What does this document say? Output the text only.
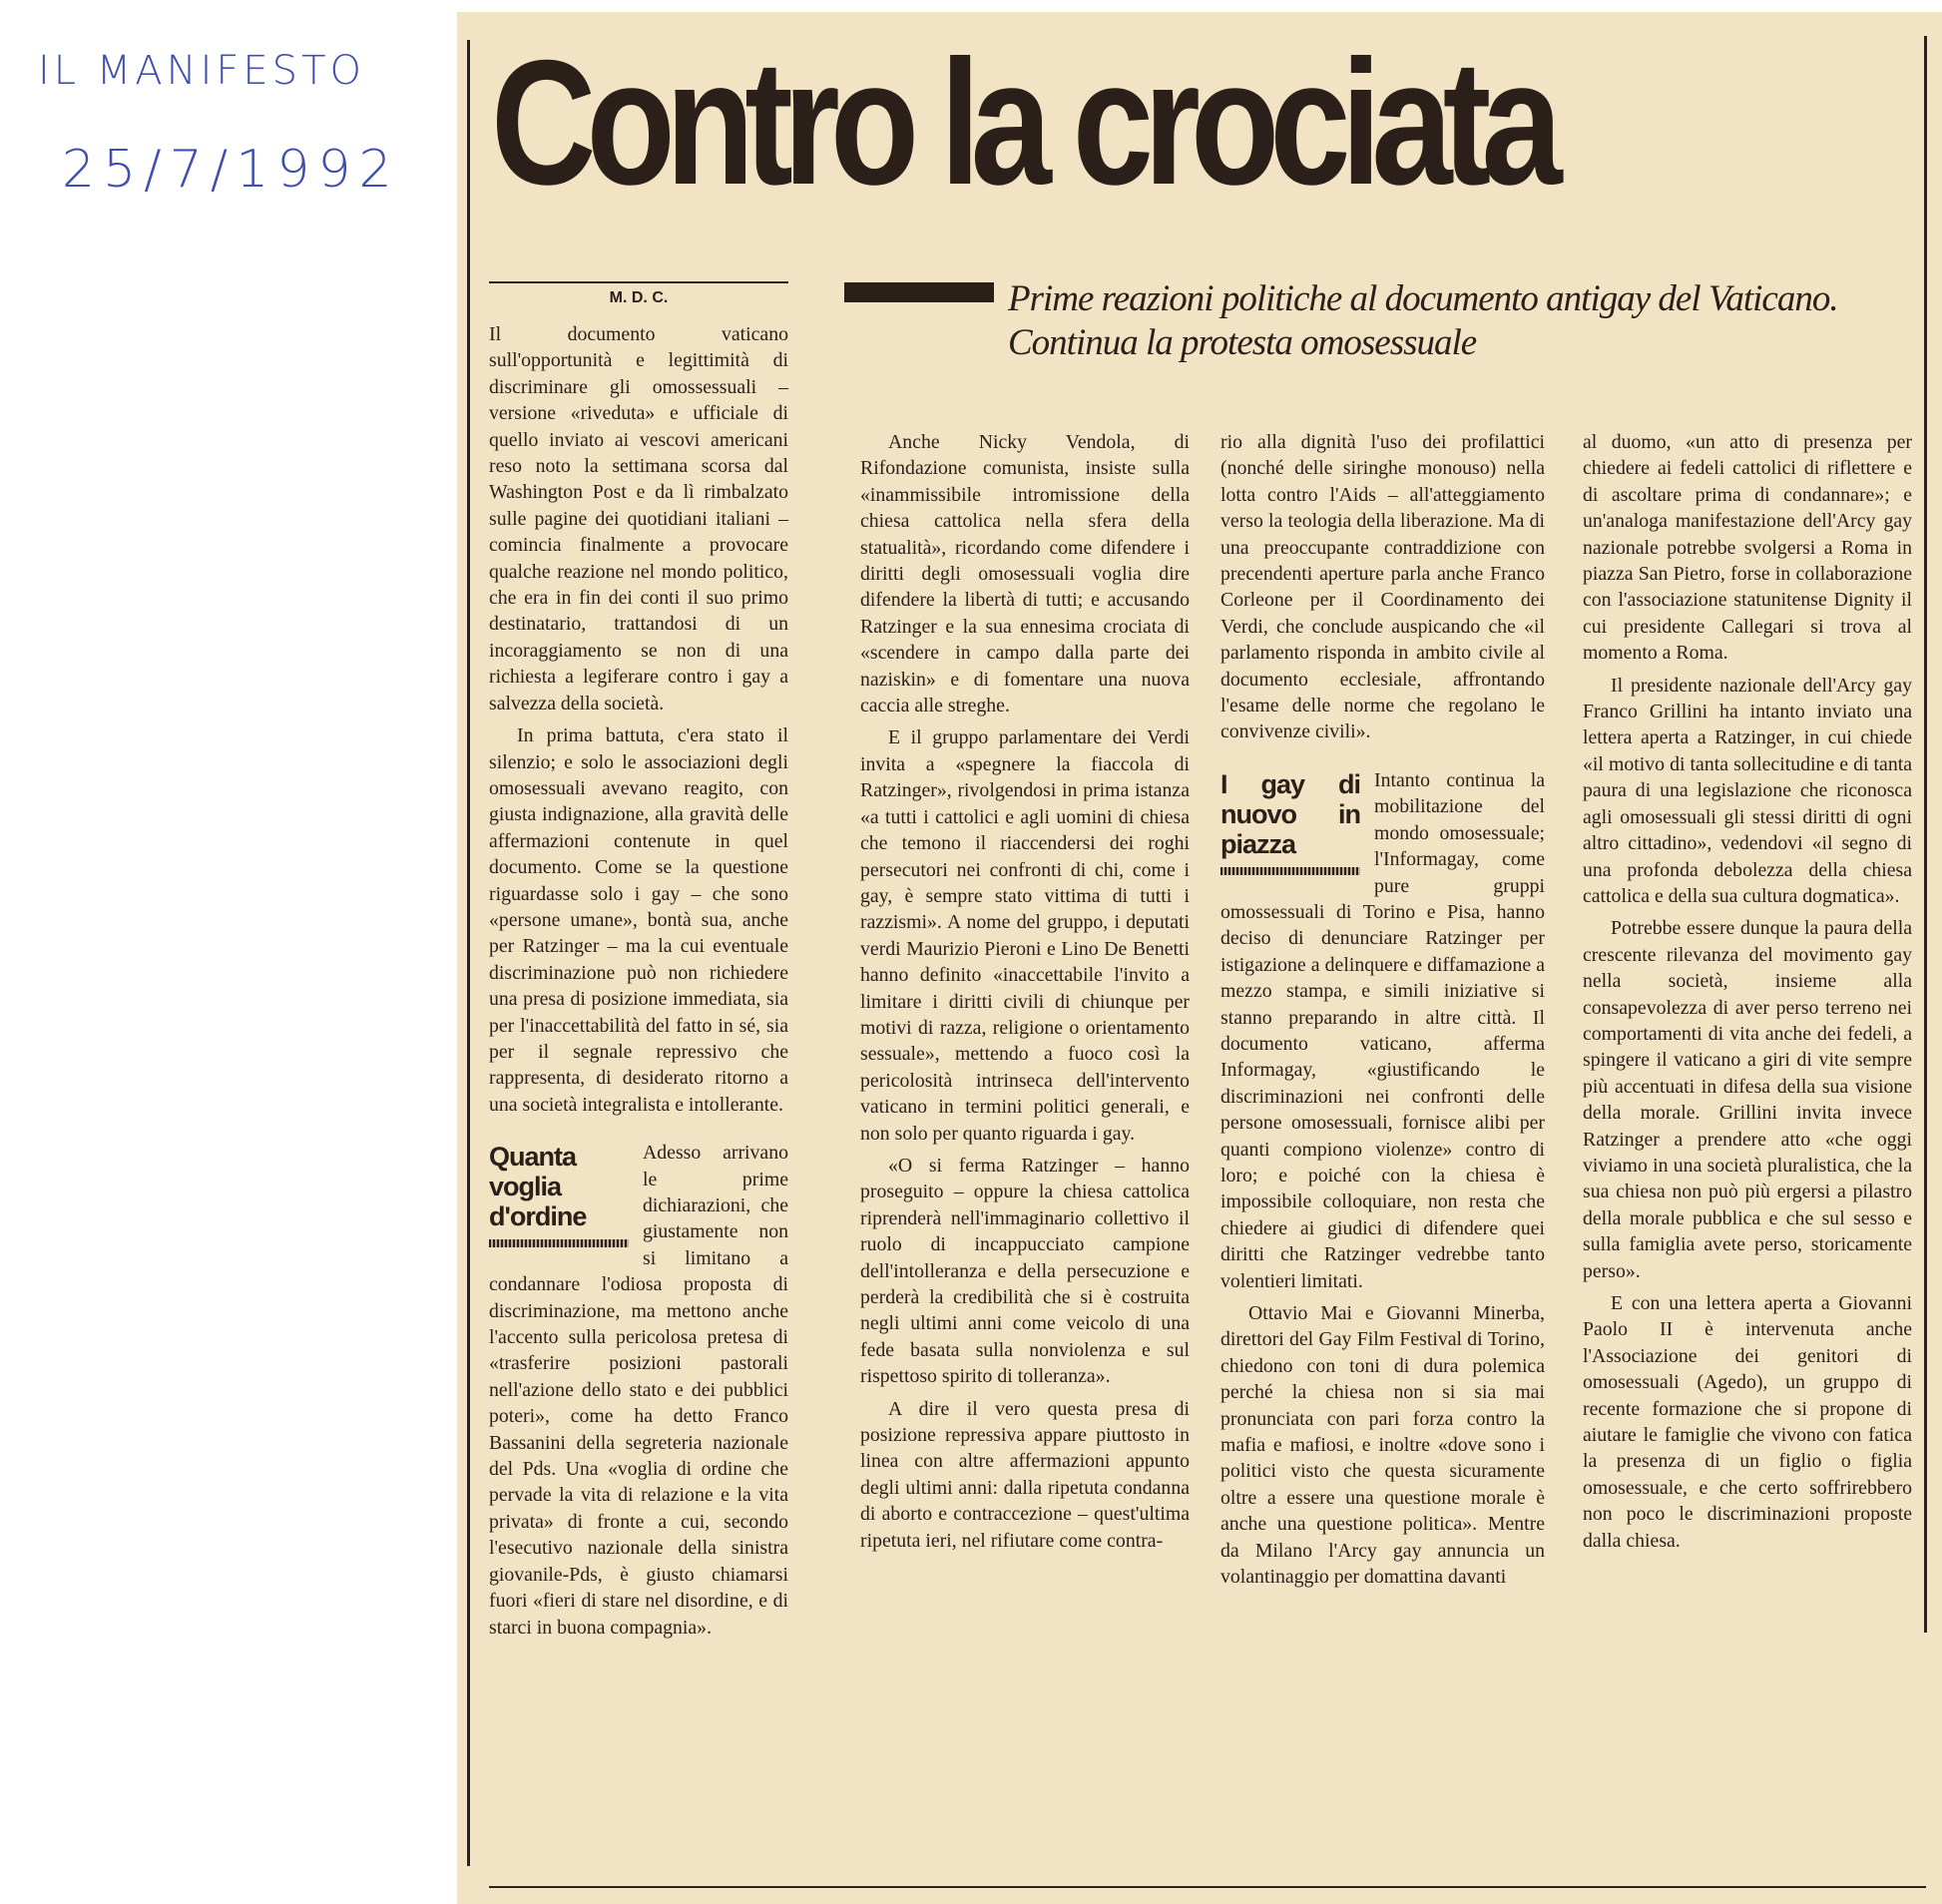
IL MANIFESTO
25/7/1992 Contro la crociata
M. D. C.	Prime reazioni politiche al documento antigay del Vaticano. Continua la protesta omosessuale

Il documento vaticano sull'opportunità e legittimità di discriminare gli omossessuali – versione «riveduta» e ufficiale di quello inviato ai vescovi americani reso noto la settimana scorsa dal Washington Post e da lì rimbalzato sulle pagine dei quotidiani italiani – comincia finalmente a provocare qualche reazione nel mondo politico, che era in fin dei conti il suo primo destinatario, trattandosi di un incoraggiamento se non di una richiesta a legiferare contro i gay a salvezza della società.

In prima battuta, c'era stato il silenzio; e solo le associazioni degli omosessuali avevano reagito, con giusta indignazione, alla gravità delle affermazioni contenute in quel documento. Come se la questione riguardasse solo i gay – che sono «persone umane», bontà sua, anche per Ratzinger – ma la cui eventuale discriminazione può non richiedere una presa di posizione immediata, sia per l'inaccettabilità del fatto in sé, sia per il segnale repressivo che rappresenta, di desiderato ritorno a una società integralista e intollerante.

Quanta voglia d'ordine

Adesso arrivano le prime dichiarazioni, che giustamente non si limitano a condannare l'odiosa proposta di discriminazione, ma mettono anche l'accento sulla pericolosa pretesa di «trasferire posizioni pastorali nell'azione dello stato e dei pubblici poteri», come ha detto Franco Bassanini della segreteria nazionale del Pds. Una «voglia di ordine che pervade la vita di relazione e la vita privata» di fronte a cui, secondo l'esecutivo nazionale della sinistra giovanile-Pds, è giusto chiamarsi fuori «fieri di stare nel disordine, e di starci in buona compagnia».

Anche Nicky Vendola, di Rifondazione comunista, insiste sulla «inammissibile intromissione della chiesa cattolica nella sfera della statualità», ricordando come difendere i diritti degli omosessuali voglia dire difendere la libertà di tutti; e accusando Ratzinger e la sua ennesima crociata di «scendere in campo dalla parte dei naziskin» e di fomentare una nuova caccia alle streghe.

E il gruppo parlamentare dei Verdi invita a «spegnere la fiaccola di Ratzinger», rivolgendosi in prima istanza «a tutti i cattolici e agli uomini di chiesa che temono il riaccendersi dei roghi persecutori nei confronti di chi, come i gay, è sempre stato vittima di tutti i razzismi». A nome del gruppo, i deputati verdi Maurizio Pieroni e Lino De Benetti hanno definito «inaccettabile l'invito a limitare i diritti civili di chiunque per motivi di razza, religione o orientamento sessuale», mettendo a fuoco così la pericolosità intrinseca dell'intervento vaticano in termini politici generali, e non solo per quanto riguarda i gay.

«O si ferma Ratzinger – hanno proseguito – oppure la chiesa cattolica riprenderà nell'immaginario collettivo il ruolo di incappucciato campione dell'intolleranza e della persecuzione e perderà la credibilità che si è costruita negli ultimi anni come veicolo di una fede basata sulla nonviolenza e sul rispettoso spirito di tolleranza».

A dire il vero questa presa di posizione repressiva appare piuttosto in linea con altre affermazioni appunto degli ultimi anni: dalla ripetuta condanna di aborto e contraccezione – quest'ultima ripetuta ieri, nel rifiutare come contra-

rio alla dignità l'uso dei profilattici (nonché delle siringhe monouso) nella lotta contro l'Aids – all'atteggiamento verso la teologia della liberazione. Ma di una preoccupante contraddizione con precendenti aperture parla anche Franco Corleone per il Coordinamento dei Verdi, che conclude auspicando che «il parlamento risponda in ambito civile al documento ecclesiale, affrontando l'esame delle norme che regolano le convivenze civili».

I gay di nuovo in piazza

Intanto continua la mobilitazione del mondo omosessuale; l'Informagay, come pure gruppi omossessuali di Torino e Pisa, hanno deciso di denunciare Ratzinger per istigazione a delinquere e diffamazione a mezzo stampa, e simili iniziative si stanno preparando in altre città. Il documento vaticano, afferma Informagay, «giustificando le discriminazioni nei confronti delle persone omosessuali, fornisce alibi per quanti compiono violenze» contro di loro; e poiché con la chiesa è impossibile colloquiare, non resta che chiedere ai giudici di difendere quei diritti che Ratzinger vedrebbe tanto volentieri limitati.

Ottavio Mai e Giovanni Minerba, direttori del Gay Film Festival di Torino, chiedono con toni di dura polemica perché la chiesa non si sia mai pronunciata con pari forza contro la mafia e mafiosi, e inoltre «dove sono i politici visto che questa sicuramente oltre a essere una questione morale è anche una questione politica». Mentre da Milano l'Arcy gay annuncia un volantinaggio per domattina davanti

al duomo, «un atto di presenza per chiedere ai fedeli cattolici di riflettere e di ascoltare prima di condannare»; e un'analoga manifestazione dell'Arcy gay nazionale potrebbe svolgersi a Roma in piazza San Pietro, forse in collaborazione con l'associazione statunitense Dignity il cui presidente Callegari si trova al momento a Roma.

Il presidente nazionale dell'Arcy gay Franco Grillini ha intanto inviato una lettera aperta a Ratzinger, in cui chiede «il motivo di tanta sollecitudine e di tanta paura di una legislazione che riconosca agli omosessuali gli stessi diritti di ogni altro cittadino», vedendovi «il segno di una profonda debolezza della chiesa cattolica e della sua cultura dogmatica».

Potrebbe essere dunque la paura della crescente rilevanza del movimento gay nella società, insieme alla consapevolezza di aver perso terreno nei comportamenti di vita anche dei fedeli, a spingere il vaticano a giri di vite sempre più accentuati in difesa della sua visione della morale. Grillini invita invece Ratzinger a prendere atto «che oggi viviamo in una società pluralistica, che la sua chiesa non può più ergersi a pilastro della morale pubblica e che sul sesso e sulla famiglia avete perso, storicamente perso».

E con una lettera aperta a Giovanni Paolo II è intervenuta anche l'Associazione dei genitori di omosessuali (Agedo), un gruppo di recente formazione che si propone di aiutare le famiglie che vivono con fatica la presenza di un figlio o figlia omosessuale, e che certo soffrirebbero non poco le discriminazioni proposte dalla chiesa.
